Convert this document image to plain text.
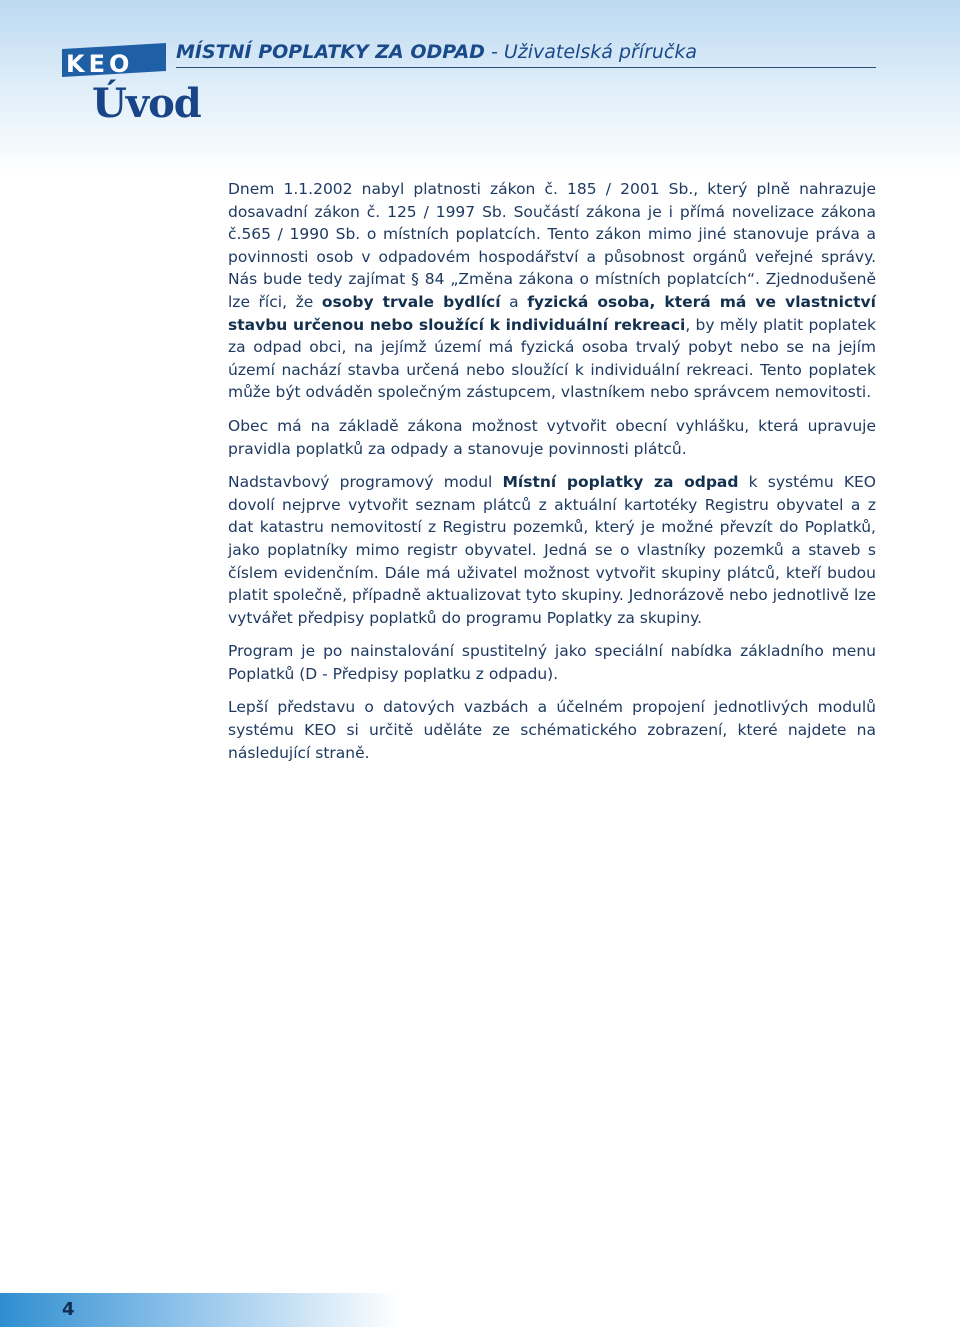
KEO MÍSTNÍ POPLATKY ZA ODPAD - Uživatelská příručka
Úvod

Dnem 1.1.2002 nabyl platnosti zákon č. 185 / 2001 Sb., který plně nahrazuje dosavadní zákon č. 125 / 1997 Sb. Součástí zákona je i přímá novelizace zákona č.565 / 1990 Sb. o místních poplatcích. Tento zákon mimo jiné stanovuje práva a povinnosti osob v odpadovém hospodářství a působnost orgánů veřejné správy. Nás bude tedy zajímat § 84 „Změna zákona o místních poplatcích“. Zjednodušeně lze říci, že osoby trvale bydlící a fyzická osoba, která má ve vlastnictví stavbu určenou nebo sloužící k individuální rekreaci, by měly platit poplatek za odpad obci, na jejímž území má fyzická osoba trvalý pobyt nebo se na jejím území nachází stavba určená nebo sloužící k individuální rekreaci. Tento poplatek může být odváděn společným zástupcem, vlastníkem nebo správcem nemovitosti.

Obec má na základě zákona možnost vytvořit obecní vyhlášku, která upravuje pravidla poplatků za odpady a stanovuje povinnosti plátců.

Nadstavbový programový modul Místní poplatky za odpad k systému KEO dovolí nejprve vytvořit seznam plátců z aktuální kartotéky Registru obyvatel a z dat katastru nemovitostí z Registru pozemků, který je možné převzít do Poplatků, jako poplatníky mimo registr obyvatel. Jedná se o vlastníky pozemků a staveb s číslem evidenčním. Dále má uživatel možnost vytvořit skupiny plátců, kteří budou platit společně, případně aktualizovat tyto skupiny. Jednorázově nebo jednotlivě lze vytvářet předpisy poplatků do programu Poplatky za skupiny.

Program je po nainstalování spustitelný jako speciální nabídka základního menu Poplatků (D - Předpisy poplatku z odpadu).

Lepší představu o datových vazbách a účelném propojení jednotlivých modulů systému KEO si určitě uděláte ze schématického zobrazení, které najdete na následující straně.

4
